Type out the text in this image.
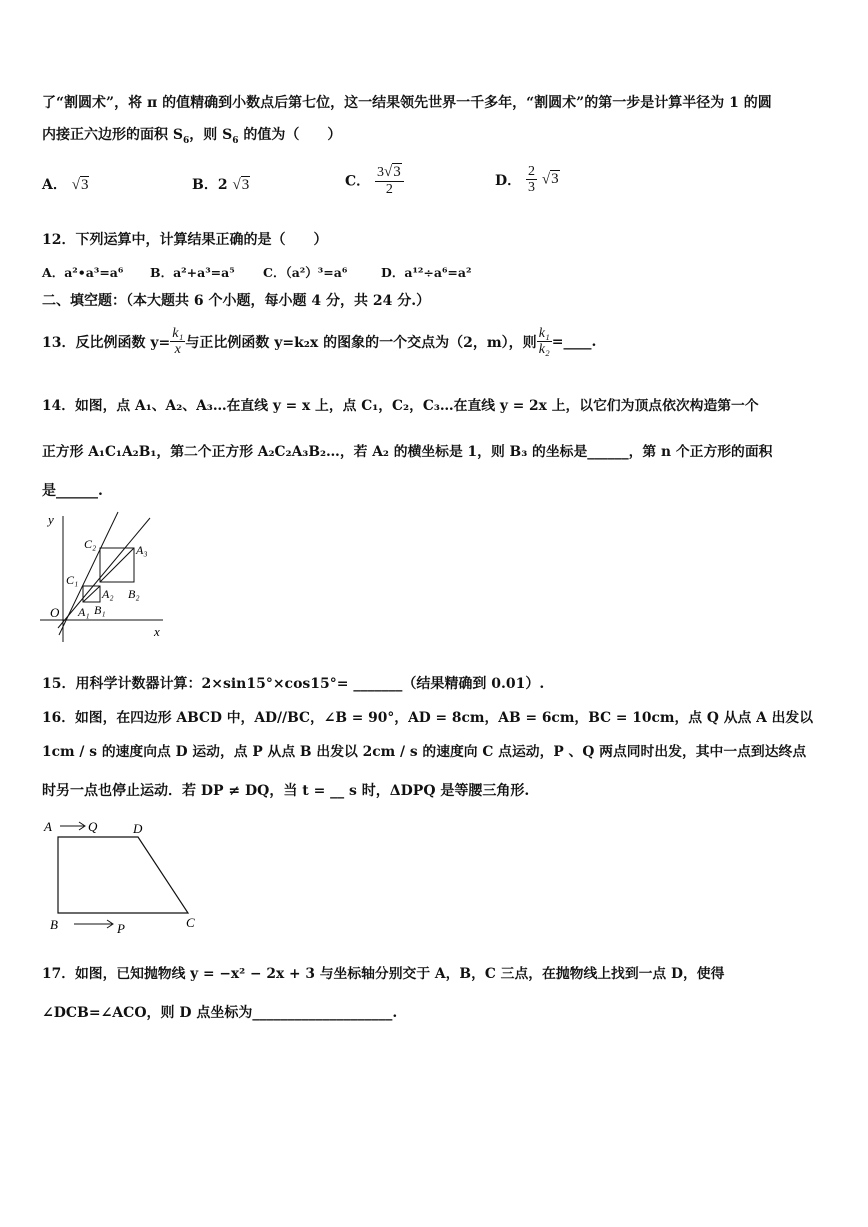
了“割圆术”，将 π 的值精确到小数点后第七位，这一结果领先世界一千多年，“割圆术”的第一步是计算半径为 1 的圆
内接正六边形的面积 $S_6$，则 $S_6$ 的值为（　　）
A． √3	B．2 √3	C． $\frac{3√3}{2}$	D． $\frac{2}{3} √3$
12．下列运算中，计算结果正确的是（　　）
A．a²•a³=a⁶ B．a²+a³=a⁵ C．（a²）³=a⁶	D．a¹²÷a⁶=a²
二、填空题：（本大题共 6 个小题，每小题 4 分，共 24 分.）
13．反比例函数 $y= \frac{\text{k₁}}{x}$ 与正比例函数 y=k₂x 的图象的一个交点为（2，m），则 $\frac{\text{k₁}}{\text{k₂}}$ =____.
14．如图，点 A₁、A₂、A₃…在直线 y = x 上，点 C₁，C₂，C₃…在直线 y = 2x 上，以它们为顶点依次构造第一个
正方形 A₁C₁A₂B₁，第二个正方形 A₂C₂A₃B₂…，若 A₂ 的横坐标是 1，则 B₃ 的坐标是______，第 n 个正方形的面积
是______.
y
x
O
C₂	A₃
C₁
B₂
A₂
A₁ B₁
15．用科学计数器计算：2×sin15°×cos15°= _______（结果精确到 0.01）.
16．如图，在四边形 ABCD 中，AD//BC，∠B = 90°，AD = 8cm，AB = 6cm，BC = 10cm，点 Q 从点 A 出发以
1cm / s 的速度向点 D 运动，点 P 从点 B 出发以 2cm / s 的速度向 C 点运动，P 、Q 两点同时出发，其中一点到达终点
时另一点也停止运动．若 DP ≠ DQ，当 t = __ s 时，ΔDPQ 是等腰三角形.
A	Q	D
B	P	C
17．如图，已知抛物线 y = −x² − 2x + 3 与坐标轴分别交于 A，B，C 三点，在抛物线上找到一点 D，使得
∠DCB=∠ACO，则 D 点坐标为____________________.
